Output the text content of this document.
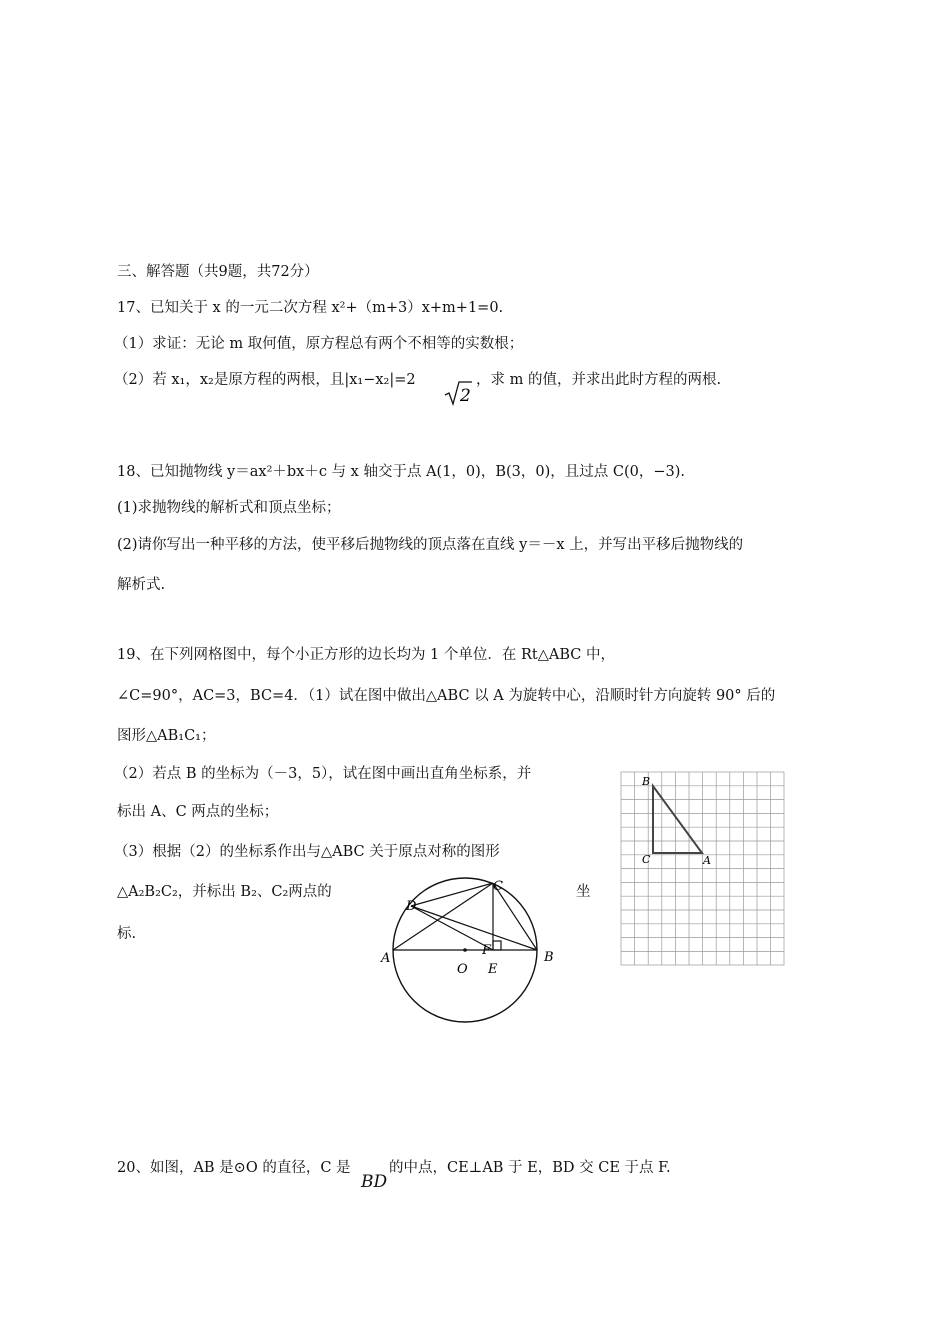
三、解答题（共9题，共72分）
17、已知关于 x 的一元二次方程 x²+（m+3）x+m+1=0.
（1）求证：无论 m 取何值，原方程总有两个不相等的实数根；
（2）若 x₁，x₂是原方程的两根，且|x₁−x₂|=2
2
，求 m 的值，并求出此时方程的两根.
18、已知抛物线 y＝ax²＋bx＋c 与 x 轴交于点 A(1，0)，B(3，0)，且过点 C(0，−3).
(1)求抛物线的解析式和顶点坐标；
(2)请你写出一种平移的方法，使平移后抛物线的顶点落在直线 y＝－x 上，并写出平移后抛物线的
解析式.
19、在下列网格图中，每个小正方形的边长均为 1 个单位．在 Rt△ABC 中，
∠C=90°，AC=3，BC=4．（1）试在图中做出△ABC 以 A 为旋转中心，沿顺时针方向旋转 90° 后的
图形△AB₁C₁；
（2）若点 B 的坐标为（－3，5），试在图中画出直角坐标系，并
标出 A、C 两点的坐标；
（3）根据（2）的坐标系作出与△ABC 关于原点对称的图形
△A₂B₂C₂，并标出 B₂、C₂两点的	坐
标.
B
C	A
A	B
C
D
E
F
O
20、如图，AB 是⊙O 的直径，C 是
BD
的中点，CE⊥AB 于 E，BD 交 CE 于点 F.
